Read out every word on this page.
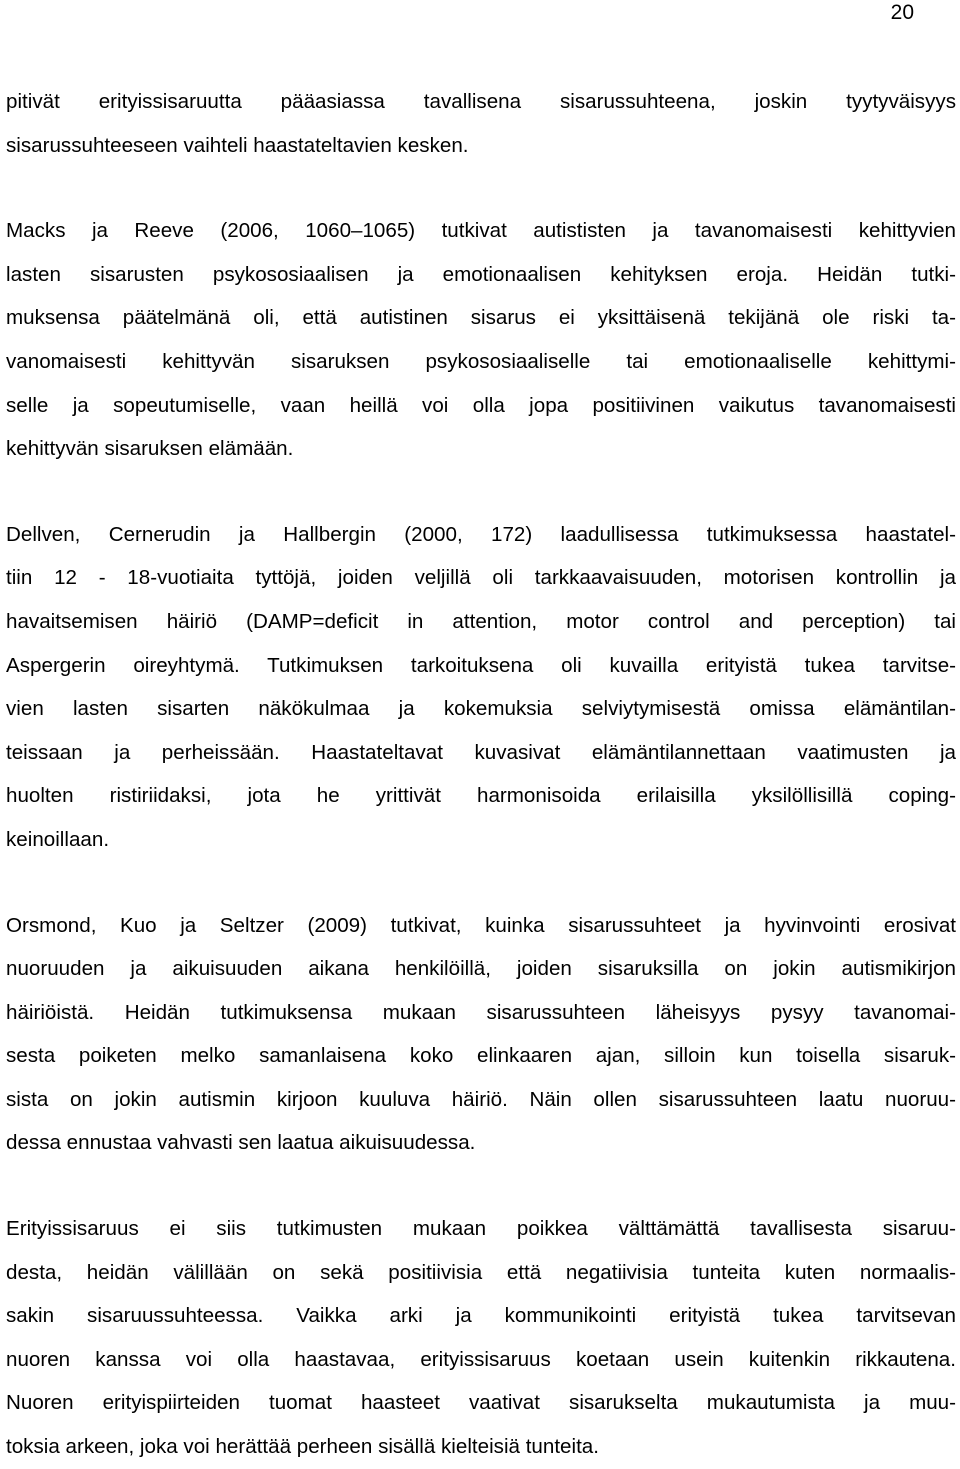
20
pitivät erityissisaruutta pääasiassa tavallisena sisarussuhteena, joskin tyytyväisyys
sisarussuhteeseen vaihteli haastateltavien kesken.
Macks ja Reeve (2006, 1060–1065) tutkivat autististen ja tavanomaisesti kehittyvien
lasten sisarusten psykososiaalisen ja emotionaalisen kehityksen eroja. Heidän tutki-
muksensa päätelmänä oli, että autistinen sisarus ei yksittäisenä tekijänä ole riski ta-
vanomaisesti kehittyvän sisaruksen psykososiaaliselle tai emotionaaliselle kehittymi-
selle ja sopeutumiselle, vaan heillä voi olla jopa positiivinen vaikutus tavanomaisesti
kehittyvän sisaruksen elämään.
Dellven, Cernerudin ja Hallbergin (2000, 172) laadullisessa tutkimuksessa haastatel-
tiin 12 - 18-vuotiaita tyttöjä, joiden veljillä oli tarkkaavaisuuden, motorisen kontrollin ja
havaitsemisen häiriö (DAMP=deficit in attention, motor control and perception) tai
Aspergerin oireyhtymä. Tutkimuksen tarkoituksena oli kuvailla erityistä tukea tarvitse-
vien lasten sisarten näkökulmaa ja kokemuksia selviytymisestä omissa elämäntilan-
teissaan ja perheissään. Haastateltavat kuvasivat elämäntilannettaan vaatimusten ja
huolten ristiriidaksi, jota he yrittivät harmonisoida erilaisilla yksilöllisillä coping-
keinoillaan.
Orsmond, Kuo ja Seltzer (2009) tutkivat, kuinka sisarussuhteet ja hyvinvointi erosivat
nuoruuden ja aikuisuuden aikana henkilöillä, joiden sisaruksilla on jokin autismikirjon
häiriöistä. Heidän tutkimuksensa mukaan sisarussuhteen läheisyys pysyy tavanomai-
sesta poiketen melko samanlaisena koko elinkaaren ajan, silloin kun toisella sisaruk-
sista on jokin autismin kirjoon kuuluva häiriö. Näin ollen sisarussuhteen laatu nuoruu-
dessa ennustaa vahvasti sen laatua aikuisuudessa.
Erityissisaruus ei siis tutkimusten mukaan poikkea välttämättä tavallisesta sisaruu-
desta, heidän välillään on sekä positiivisia että negatiivisia tunteita kuten normaalis-
sakin sisaruussuhteessa. Vaikka arki ja kommunikointi erityistä tukea tarvitsevan
nuoren kanssa voi olla haastavaa, erityissisaruus koetaan usein kuitenkin rikkautena.
Nuoren erityispiirteiden tuomat haasteet vaativat sisarukselta mukautumista ja muu-
toksia arkeen, joka voi herättää perheen sisällä kielteisiä tunteita.
